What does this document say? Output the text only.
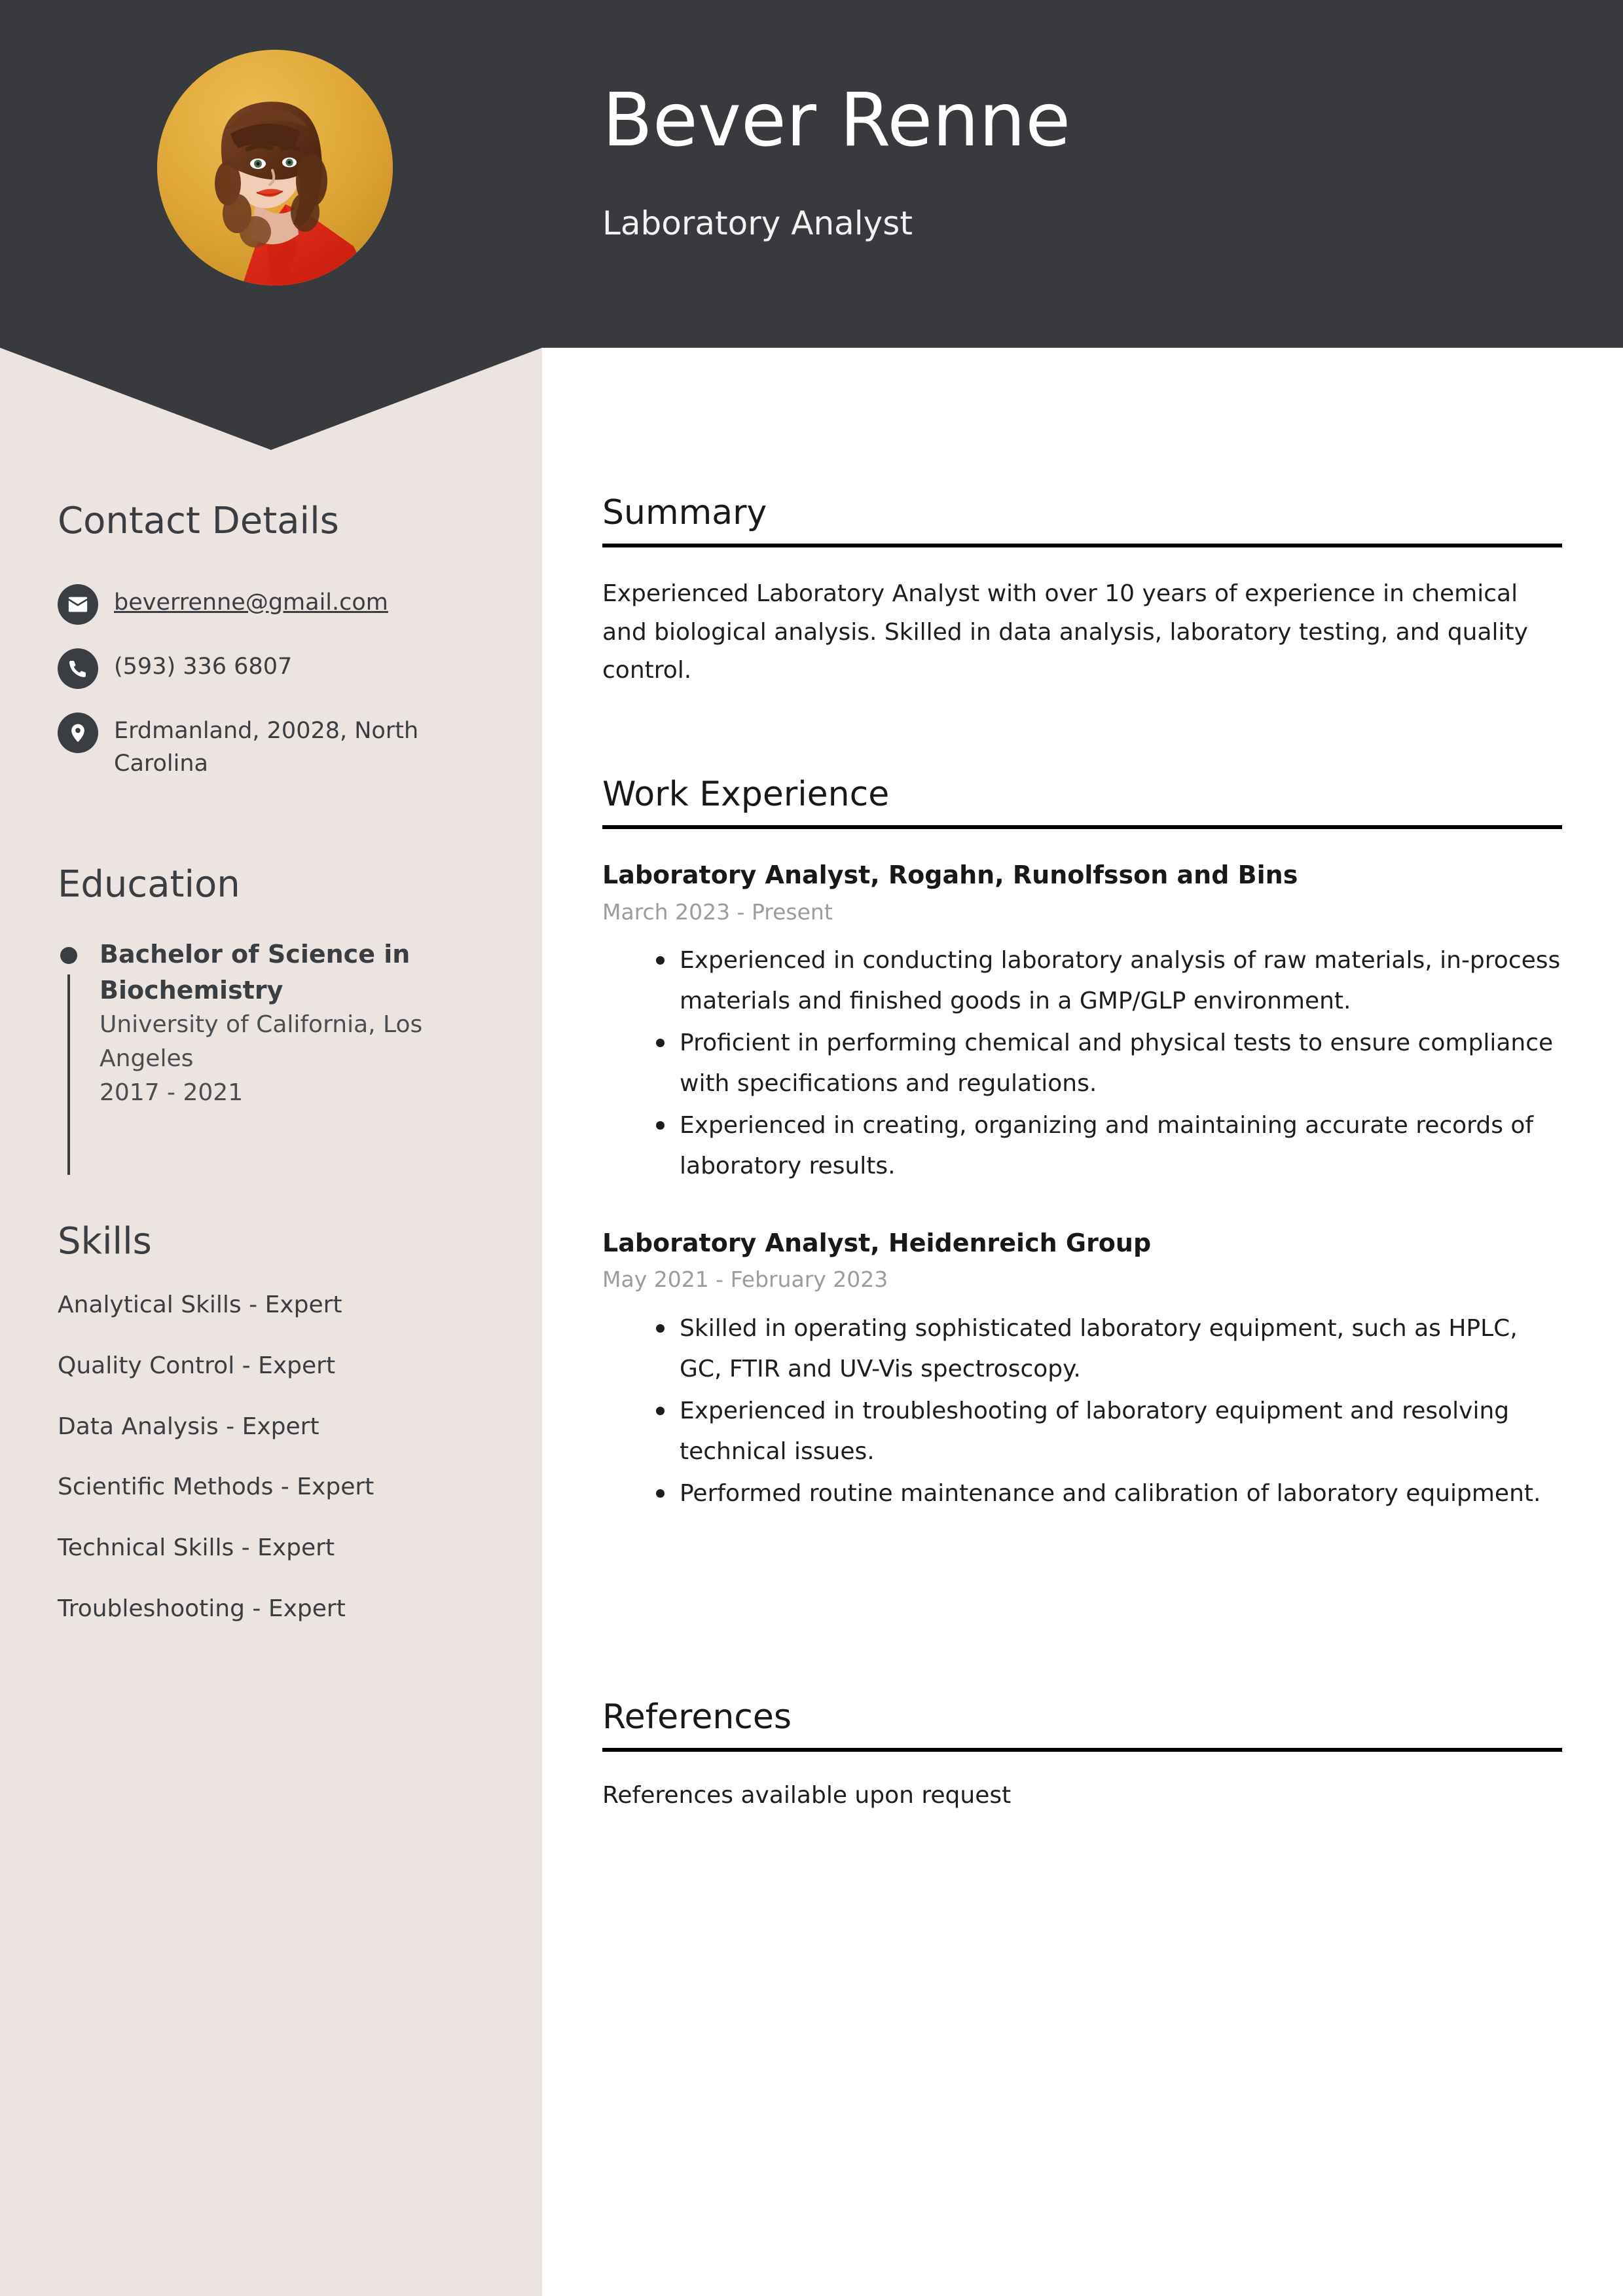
Bever Renne
Laboratory Analyst
Contact Details
beverrenne@gmail.com
(593) 336 6807
Erdmanland, 20028, North Carolina
Education
Bachelor of Science in Biochemistry
University of California, Los Angeles
2017 - 2021
Skills
Analytical Skills - Expert
Quality Control - Expert
Data Analysis - Expert
Scientific Methods - Expert
Technical Skills - Expert
Troubleshooting - Expert
Summary

Experienced Laboratory Analyst with over 10 years of experience in chemical and biological analysis. Skilled in data analysis, laboratory testing, and quality control.

Work Experience
Laboratory Analyst, Rogahn, Runolfsson and Bins
March 2023 - Present
Experienced in conducting laboratory analysis of raw materials, in-process materials and finished goods in a GMP/GLP environment.
Proficient in performing chemical and physical tests to ensure compliance with specifications and regulations.
Experienced in creating, organizing and maintaining accurate records of laboratory results.
Laboratory Analyst, Heidenreich Group
May 2021 - February 2023
Skilled in operating sophisticated laboratory equipment, such as HPLC, GC, FTIR and UV-Vis spectroscopy.
Experienced in troubleshooting of laboratory equipment and resolving technical issues.
Performed routine maintenance and calibration of laboratory equipment.
References

References available upon request
